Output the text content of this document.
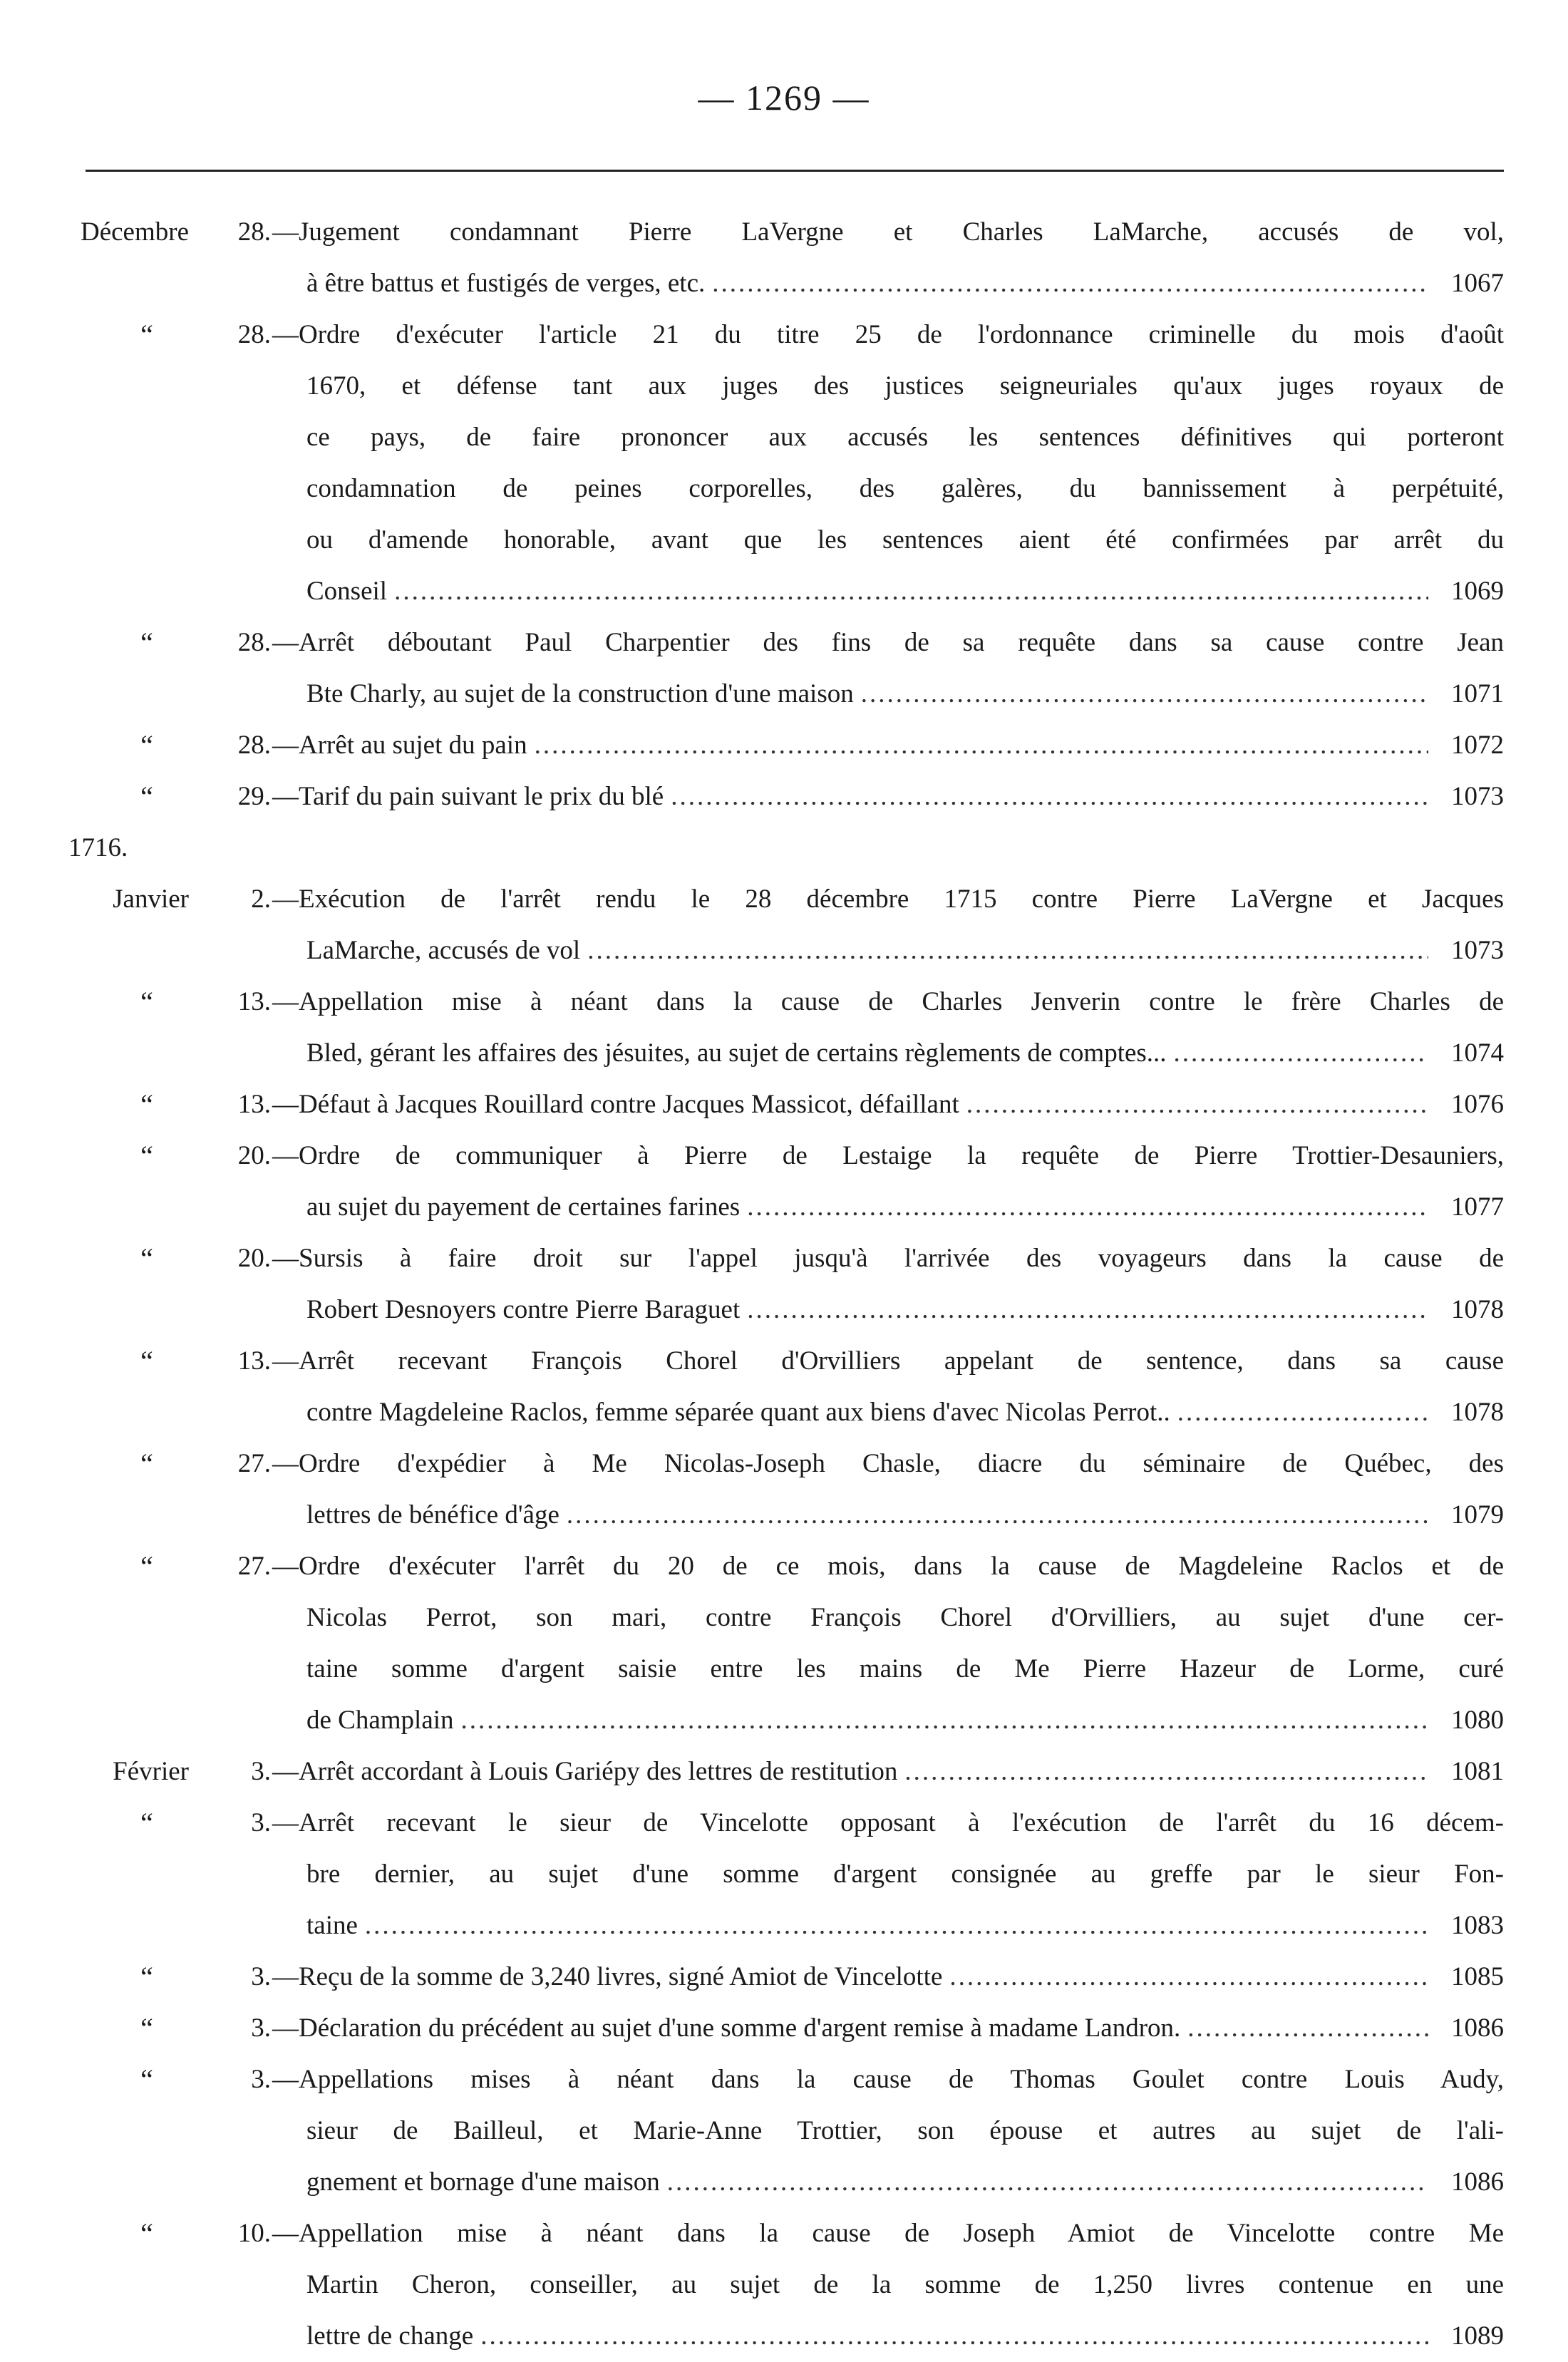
— 1269 —
Décembre	28. —Jugement condamnant Pierre LaVergne et Charles LaMarche, accusés de vol,
à être battus et fustigés de verges, etc. .....	1067
“	28. —Ordre d'exécuter l'article 21 du titre 25 de l'ordonnance criminelle du mois d'août
1670, et défense tant aux juges des justices seigneuriales qu'aux juges royaux de
ce pays, de faire prononcer aux accusés les sentences définitives qui porteront
condamnation de peines corporelles, des galères, du bannissement à perpétuité,
ou d'amende honorable, avant que les sentences aient été confirmées par arrêt du
Conseil .....	1069
“	28. —Arrêt déboutant Paul Charpentier des fins de sa requête dans sa cause contre Jean
Bte Charly, au sujet de la construction d'une maison .....	1071
“	28. —Arrêt au sujet du pain .....	1072
“	29. —Tarif du pain suivant le prix du blé .....	1073
1716.
Janvier	2. —Exécution de l'arrêt rendu le 28 décembre 1715 contre Pierre LaVergne et Jacques
LaMarche, accusés de vol .....	1073
“	13. —Appellation mise à néant dans la cause de Charles Jenverin contre le frère Charles de
Bled, gérant les affaires des jésuites, au sujet de certains règlements de comptes... .....	1074
“	13. —Défaut à Jacques Rouillard contre Jacques Massicot, défaillant .....	1076
“	20. —Ordre de communiquer à Pierre de Lestaige la requête de Pierre Trottier-Desauniers,
au sujet du payement de certaines farines .....	1077
“	20. —Sursis à faire droit sur l'appel jusqu'à l'arrivée des voyageurs dans la cause de
Robert Desnoyers contre Pierre Baraguet .....	1078
“	13. —Arrêt recevant François Chorel d'Orvilliers appelant de sentence, dans sa cause
contre Magdeleine Raclos, femme séparée quant aux biens d'avec Nicolas Perrot.. .....	1078
“	27. —Ordre d'expédier à Me Nicolas-Joseph Chasle, diacre du séminaire de Québec, des
lettres de bénéfice d'âge .....	1079
“	27. —Ordre d'exécuter l'arrêt du 20 de ce mois, dans la cause de Magdeleine Raclos et de
Nicolas Perrot, son mari, contre François Chorel d'Orvilliers, au sujet d'une cer-
taine somme d'argent saisie entre les mains de Me Pierre Hazeur de Lorme, curé
de Champlain .....	1080
Février	3. —Arrêt accordant à Louis Gariépy des lettres de restitution .....	1081
“	3. —Arrêt recevant le sieur de Vincelotte opposant à l'exécution de l'arrêt du 16 décem-
bre dernier, au sujet d'une somme d'argent consignée au greffe par le sieur Fon-
taine .....	1083
“	3. —Reçu de la somme de 3,240 livres, signé Amiot de Vincelotte .....	1085
“	3. —Déclaration du précédent au sujet d'une somme d'argent remise à madame Landron. .....	1086
“	3. —Appellations mises à néant dans la cause de Thomas Goulet contre Louis Audy,
sieur de Bailleul, et Marie-Anne Trottier, son épouse et autres au sujet de l'ali-
gnement et bornage d'une maison .....	1086
“	10. —Appellation mise à néant dans la cause de Joseph Amiot de Vincelotte contre Me
Martin Cheron, conseiller, au sujet de la somme de 1,250 livres contenue en une
lettre de change .....	1089
